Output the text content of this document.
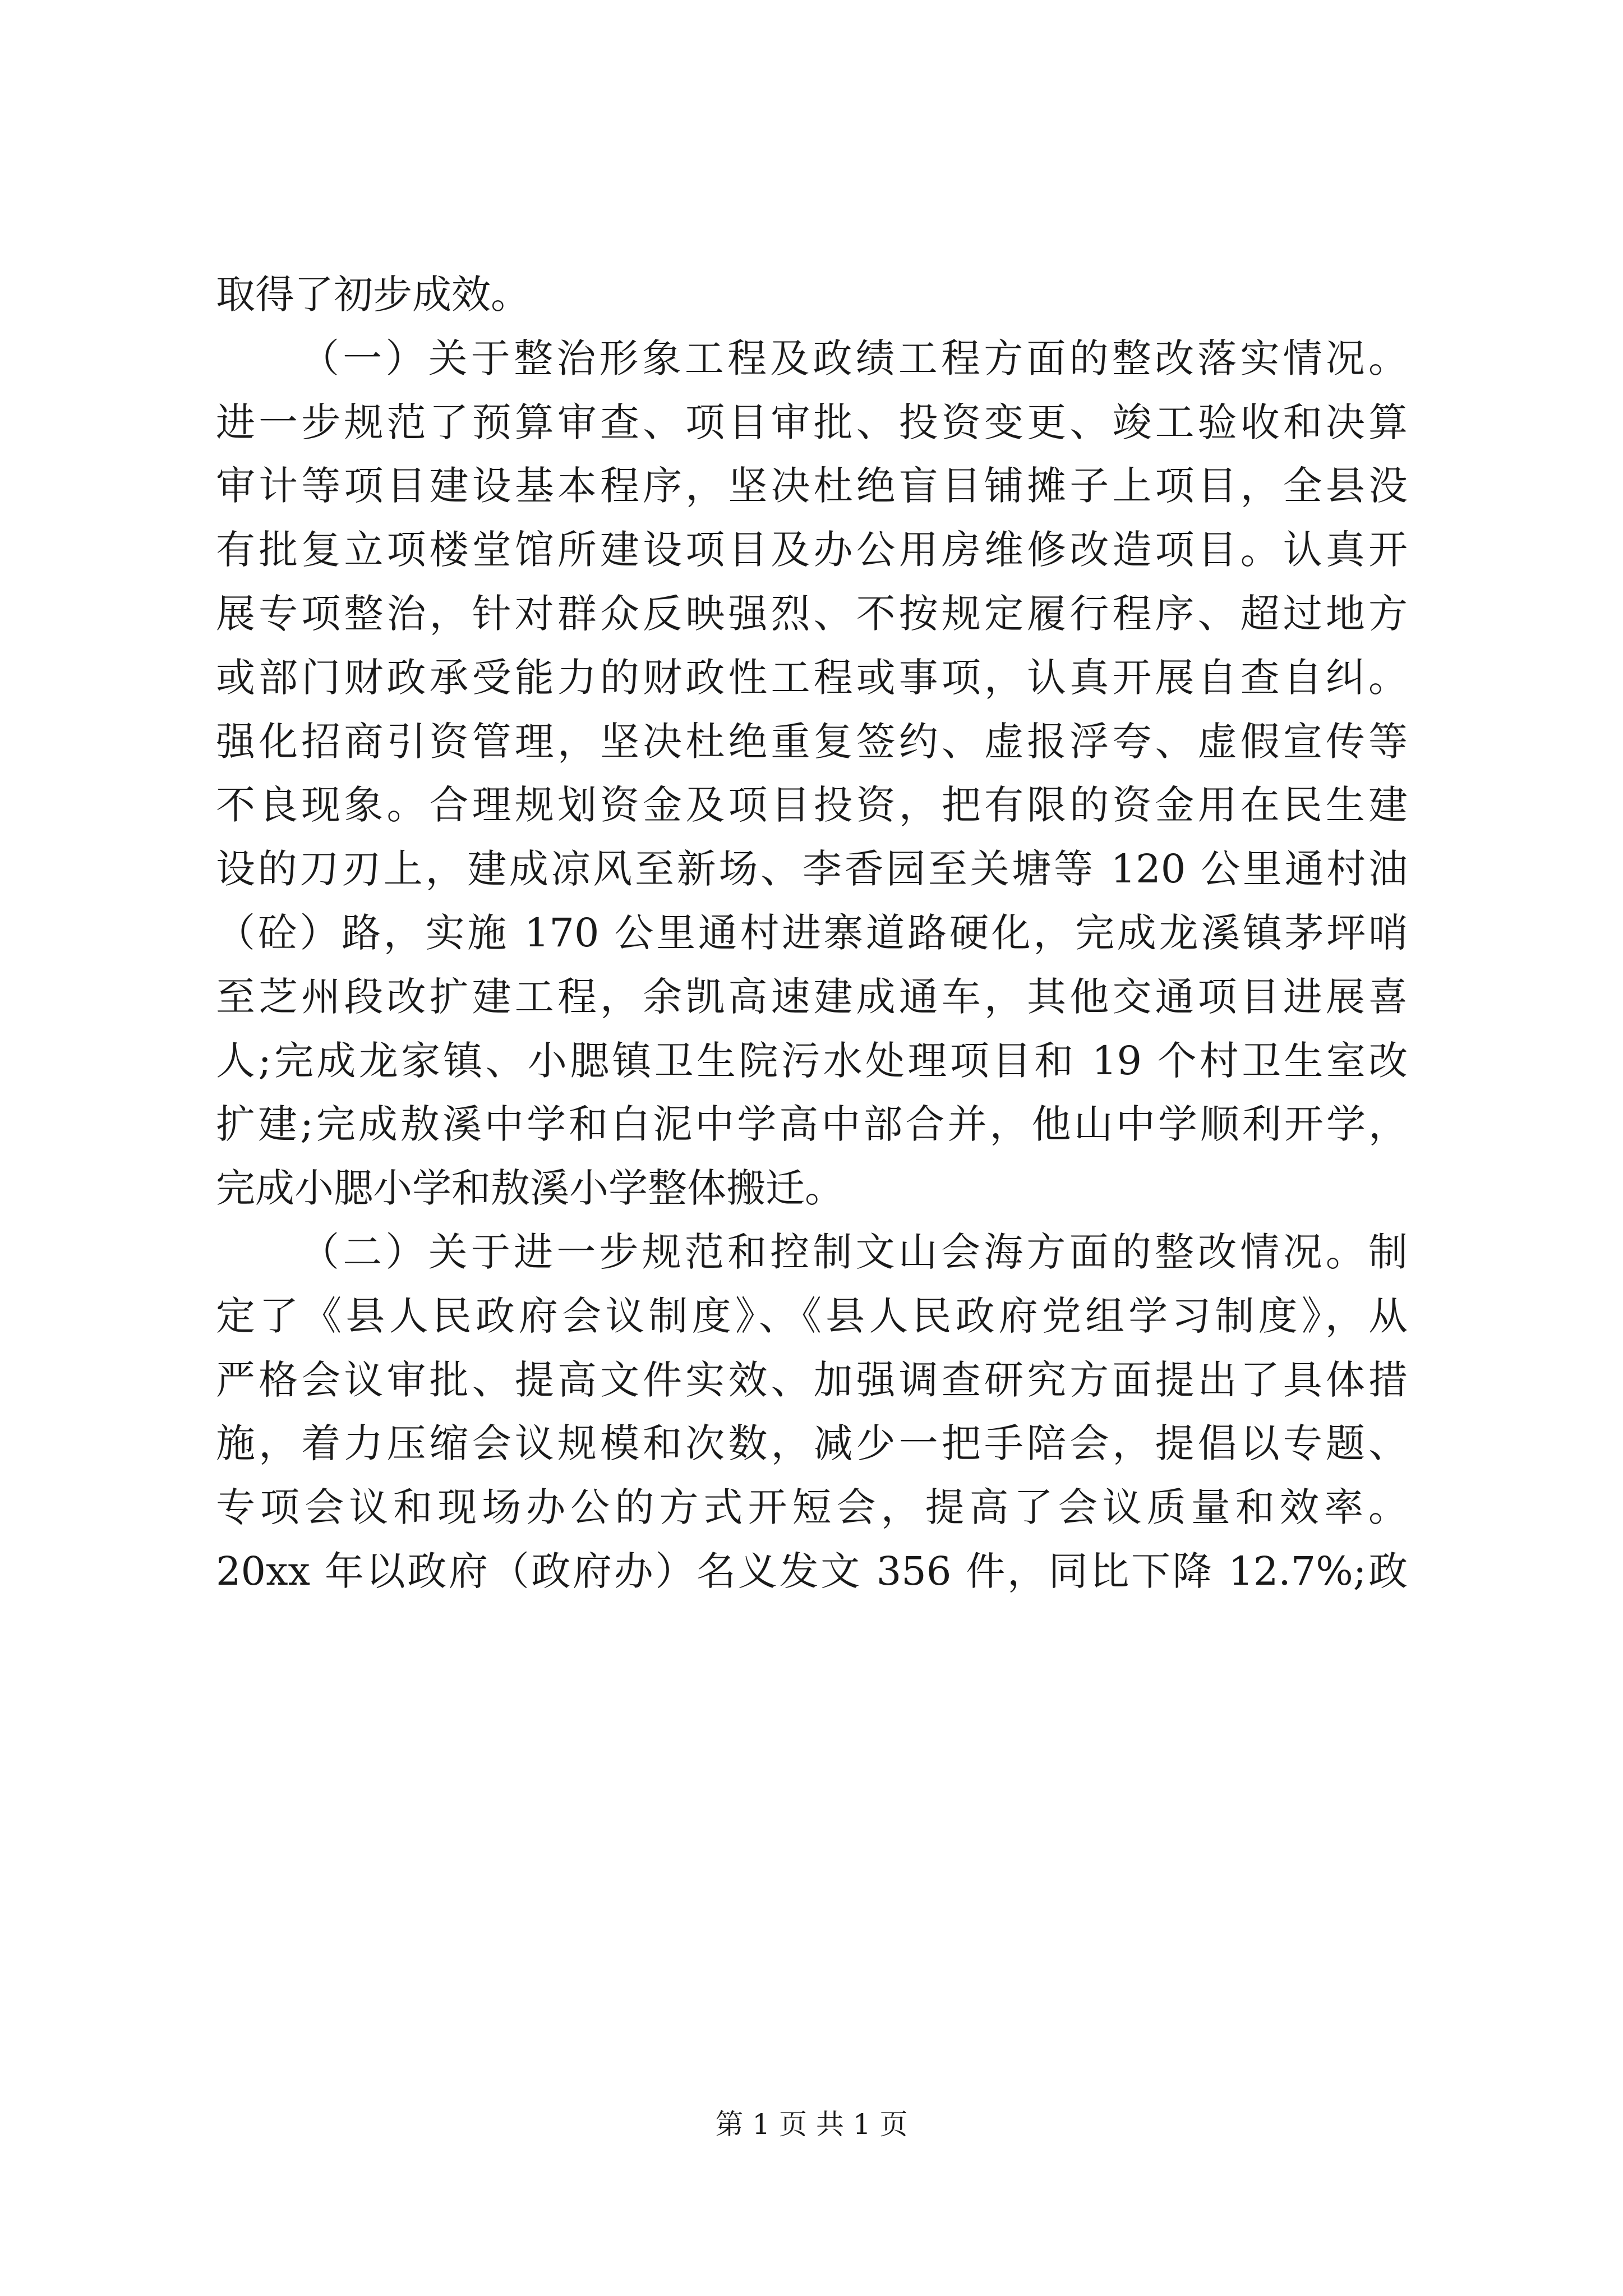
取得了初步成效。

（一）关于整治形象工程及政绩工程方面的整改落实情况。

进一步规范了预算审查、项目审批、投资变更、竣工验收和决算

审计等项目建设基本程序，坚决杜绝盲目铺摊子上项目，全县没

有批复立项楼堂馆所建设项目及办公用房维修改造项目。认真开

展专项整治，针对群众反映强烈、不按规定履行程序、超过地方

或部门财政承受能力的财政性工程或事项，认真开展自查自纠。

强化招商引资管理，坚决杜绝重复签约、虚报浮夸、虚假宣传等

不良现象。合理规划资金及项目投资，把有限的资金用在民生建

设的刀刃上，建成凉风至新场、李香园至关塘等 120 公里通村油

（砼）路，实施 170 公里通村进寨道路硬化，完成龙溪镇茅坪哨

至芝州段改扩建工程，余凯高速建成通车，其他交通项目进展喜

人;完成龙家镇、小腮镇卫生院污水处理项目和 19 个村卫生室改

扩建;完成敖溪中学和白泥中学高中部合并，他山中学顺利开学，

完成小腮小学和敖溪小学整体搬迁。

（二）关于进一步规范和控制文山会海方面的整改情况。制

定了《县人民政府会议制度》、《县人民政府党组学习制度》，从

严格会议审批、提高文件实效、加强调查研究方面提出了具体措

施，着力压缩会议规模和次数，减少一把手陪会，提倡以专题、

专项会议和现场办公的方式开短会，提高了会议质量和效率。

20xx 年以政府（政府办）名义发文 356 件，同比下降 12.7%;政

第 1 页 共 1 页
